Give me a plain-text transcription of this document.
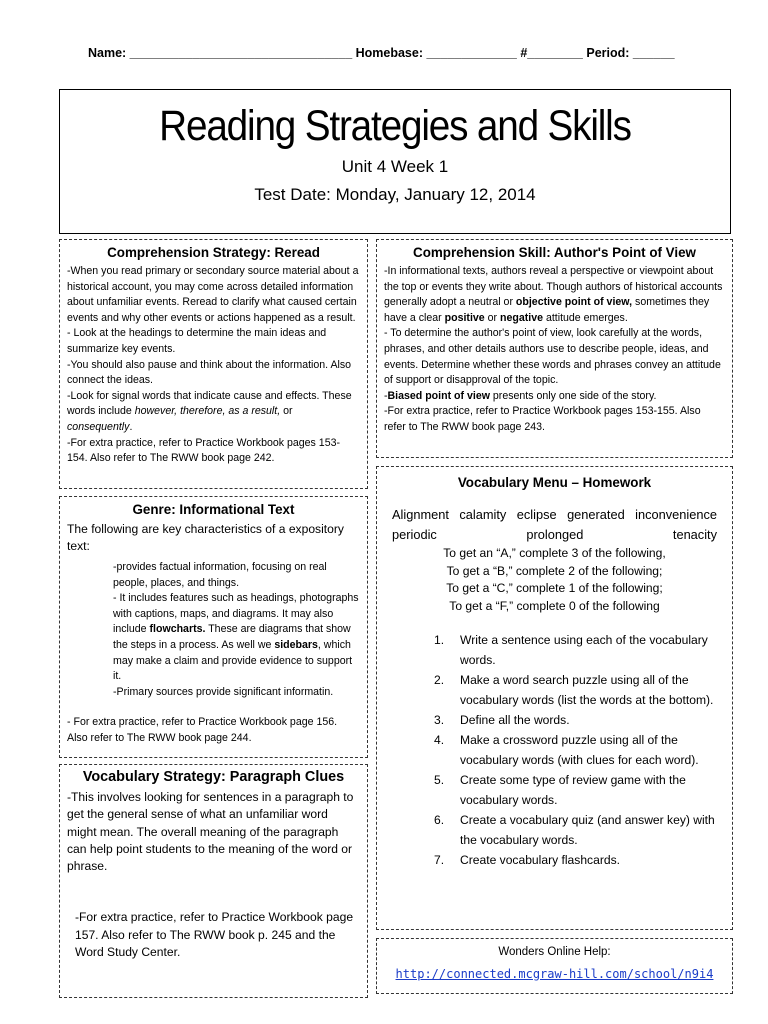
Name: ________________________________ Homebase: _____________ #________ Period: ______
Reading Strategies and Skills
Unit 4 Week 1
Test Date: Monday, January 12, 2014
Comprehension Strategy: Reread
-When you read primary or secondary source material about a historical account, you may come across detailed information about unfamiliar events. Reread to clarify what caused certain events and why other events or actions happened as a result.
- Look at the headings to determine the main ideas and summarize key events.
-You should also pause and think about the information. Also connect the ideas.
-Look for signal words that indicate cause and effects. These words include however, therefore, as a result, or consequently.
-For extra practice, refer to Practice Workbook pages 153-154. Also refer to The RWW book page 242.
Comprehension Skill: Author's Point of View
-In informational texts, authors reveal a perspective or viewpoint about the top or events they write about. Though authors of historical accounts generally adopt a neutral or objective point of view, sometimes they have a clear positive or negative attitude emerges.
- To determine the author's point of view, look carefully at the words, phrases, and other details authors use to describe people, ideas, and events. Determine whether these words and phrases convey an attitude of support or disapproval of the topic.
-Biased point of view presents only one side of the story.
-For extra practice, refer to Practice Workbook pages 153-155. Also refer to The RWW book page 243.
Genre: Informational Text
The following are key characteristics of a expository text:
-provides factual information, focusing on real people, places, and things.
- It includes features such as headings, photographs with captions, maps, and diagrams. It may also include flowcharts. These are diagrams that show the steps in a process. As well we sidebars, which may make a claim and provide evidence to support it.
-Primary sources provide significant informatin.
- For extra practice, refer to Practice Workbook page 156. Also refer to The RWW book page 244.
Vocabulary Strategy: Paragraph Clues
-This involves looking for sentences in a paragraph to get the general sense of what an unfamiliar word might mean. The overall meaning of the paragraph can help point students to the meaning of the word or phrase.
-For extra practice, refer to Practice Workbook page 157. Also refer to The RWW book p. 245 and the Word Study Center.
Vocabulary Menu – Homework
Alignment calamity eclipse generated inconvenience periodic prolonged tenacity
To get an “A,” complete 3 of the following,
To get a “B,” complete 2 of the following;
To get a “C,” complete 1 of the following;
To get a “F,” complete 0 of the following
1.	Write a sentence using each of the vocabulary words.
2.	Make a word search puzzle using all of the vocabulary words (list the words at the bottom).
3.	Define all the words.
4.	Make a crossword puzzle using all of the vocabulary words (with clues for each word).
5.	Create some type of review game with the vocabulary words.
6.	Create a vocabulary quiz (and answer key) with the vocabulary words.
7.	Create vocabulary flashcards.
Wonders Online Help:
http://connected.mcgraw-hill.com/school/n9i4
